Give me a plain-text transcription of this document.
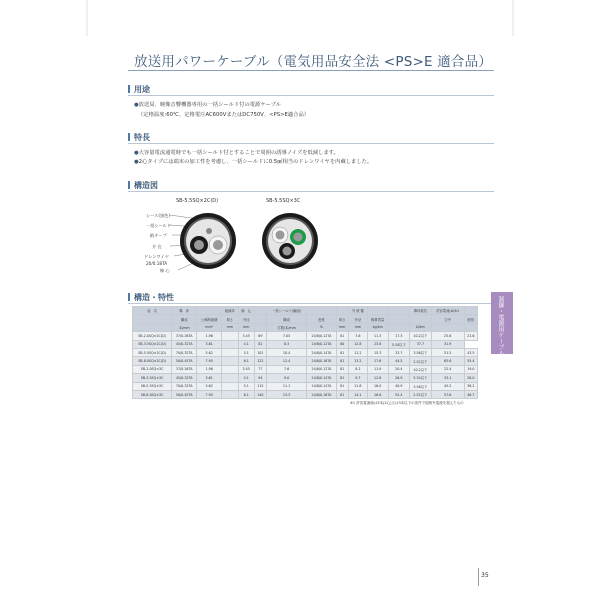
放送用パワーケーブル（電気用品安全法 <PS>E 適合品）
用途
●放送局、映像音響機器専用の一括シールド付の電源ケーブル
（定格温度:60℃、定格電圧AC600VまたはDC750V、<PS>E適合品）
特長
●大容量電流通電時でも一括シールド付とすることで周囲の誘導ノイズを低減します。
●2心タイプには端末の加工性を考慮し、一括シールドに0.5㎟相当のドレンワイヤを内蔵しました。
構造図
SB-5.5SQ×2C(D)	SB-5.5SQ×3C
シース(黒色)
一括シールド
紙テープ
介 在
ドレンワイヤ
20/0.18TA
線 心
構造・特性
品　名	導　体		絶縁体	線　心		一括シールド(編組)			外 被 覆			導体抵抗	許容電流(A)※1	
	構成	公称断面積	厚さ	外径		構成	密度	厚さ	外径	概算質量			空中	配管
	本/mm	mm²	mm	mm		打数/本/mm	%	mm	mm	kg/km		Ω/km		
SB-2.0SQ×2C(D)	37/0.26TA	1.96		3.45	69	7.05	24/8/0.12TA	81	7.6	11.3	17.3	10.2以下	25.6	21.6
SB-3.5SQ×2C(D)	45/0.32TA	3.61		4.1	82	8.3	24/8/0.12TA	80	12.8	23.8	5.34以下	37.7	31.9	
SB-5.5SQ×2C(D)	70/0.32TA	5.62		5.1	102	10.4	24/8/0.14TA	81	11.2	15.3	33.7	3.56以下	51.5	43.5
SB-8.0SQ×2C(D)	50/0.45TA	7.95		6.1	122	12.4	24/8/0.16TA	81	13.2	17.6	44.5	2.52以下	65.6	55.4
SB-2.0SQ×3C	37/0.26TA	1.96		3.45	77	7.6	24/8/0.12TA	81	8.2	11.9	20.4	10.2以下	22.4	19.0
SB-3.5SQ×3C	45/0.32TA	3.61		4.1	94	9.0	24/8/0.14TA	81	9.7	12.8	26.9	5.34以下	33.1	28.0
SB-5.5SQ×3C	70/0.32TA	5.62		5.1	115	11.1	24/8/0.14TA	81	11.8	16.0	40.9	3.56以下	45.2	38.2
SB-8.0SQ×3C	50/0.45TA	7.95		6.1	140	13.3	24/8/0.16TA	81	14.1	18.6	55.4	2.52以下	57.6	48.7
※1 許容電流値は3本(2心)又は3本以下の条件で規格外電流を超えたもの
制御・電源用ケーブル
35
